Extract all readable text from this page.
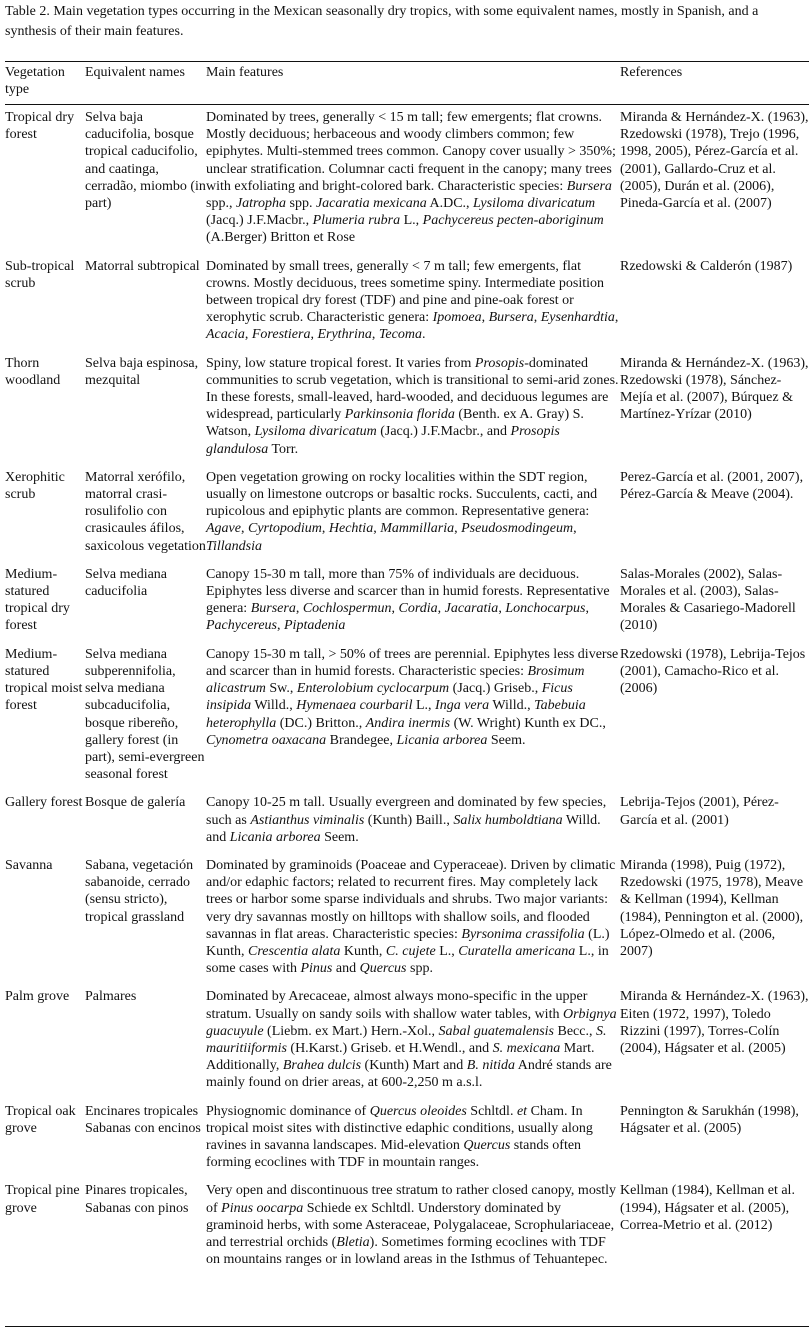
Table 2. Main vegetation types occurring in the Mexican seasonally dry tropics, with some equivalent names, mostly in Spanish, and a synthesis of their main features.
Vegetation type	Equivalent names	Main features	References
Tropical dry forest	Selva baja caducifolia, bosque tropical caducifolio, and caatinga, cerradão, miombo (in part)	Dominated by trees, generally < 15 m tall; few emergents; flat crowns. Mostly deciduous; herbaceous and woody climbers common; few epiphytes. Multi-stemmed trees common. Canopy cover usually > 350%; unclear stratification. Columnar cacti frequent in the canopy; many trees with exfoliating and bright-colored bark. Characteristic species: Bursera spp., Jatropha spp. Jacaratia mexicana A.DC., Lysiloma divaricatum (Jacq.) J.F.Macbr., Plumeria rubra L., Pachycereus pecten-aboriginum (A.Berger) Britton et Rose	Miranda & Hernández-X. (1963), Rzedowski (1978), Trejo (1996, 1998, 2005), Pérez-García et al. (2001), Gallardo-Cruz et al. (2005), Durán et al. (2006), Pineda-García et al. (2007)
Sub-tropical scrub	Matorral subtropical	Dominated by small trees, generally < 7 m tall; few emergents, flat crowns. Mostly deciduous, trees sometime spiny. Intermediate position between tropical dry forest (TDF) and pine and pine-oak forest or xerophytic scrub. Characteristic genera: Ipomoea, Bursera, Eysenhardtia, Acacia, Forestiera, Erythrina, Tecoma.	Rzedowski & Calderón (1987)
Thorn woodland	Selva baja espinosa, mezquital	Spiny, low stature tropical forest. It varies from Prosopis-dominated communities to scrub vegetation, which is transitional to semi-arid zones. In these forests, small-leaved, hard-wooded, and deciduous legumes are widespread, particularly Parkinsonia florida (Benth. ex A. Gray) S. Watson, Lysiloma divaricatum (Jacq.) J.F.Macbr., and Prosopis glandulosa Torr.	Miranda & Hernández-X. (1963), Rzedowski (1978), Sánchez-Mejía et al. (2007), Búrquez & Martínez-Yrízar (2010)
Xerophitic scrub	Matorral xerófilo, matorral crasi-rosulifolio con crasicaules áfilos, saxicolous vegetation	Open vegetation growing on rocky localities within the SDT region, usually on limestone outcrops or basaltic rocks. Succulents, cacti, and rupicolous and epiphytic plants are common. Representative genera: Agave, Cyrtopodium, Hechtia, Mammillaria, Pseudosmodingeum, Tillandsia	Perez-García et al. (2001, 2007), Pérez-García & Meave (2004).
Medium-statured tropical dry forest	Selva mediana caducifolia	Canopy 15-30 m tall, more than 75% of individuals are deciduous. Epiphytes less diverse and scarcer than in humid forests. Representative genera: Bursera, Cochlospermun, Cordia, Jacaratia, Lonchocarpus, Pachycereus, Piptadenia	Salas-Morales (2002), Salas-Morales et al. (2003), Salas-Morales & Casariego-Madorell (2010)
Medium-statured tropical moist forest	Selva mediana subperennifolia, selva mediana subcaducifolia, bosque ribereño, gallery forest (in part), semi-evergreen seasonal forest	Canopy 15-30 m tall, > 50% of trees are perennial. Epiphytes less diverse and scarcer than in humid forests. Characteristic species: Brosimum alicastrum Sw., Enterolobium cyclocarpum (Jacq.) Griseb., Ficus insipida Willd., Hymenaea courbaril L., Inga vera Willd., Tabebuia heterophylla (DC.) Britton., Andira inermis (W. Wright) Kunth ex DC., Cynometra oaxacana Brandegee, Licania arborea Seem.	Rzedowski (1978), Lebrija-Tejos (2001), Camacho-Rico et al. (2006)
Gallery forest	Bosque de galería	Canopy 10-25 m tall. Usually evergreen and dominated by few species, such as Astianthus viminalis (Kunth) Baill., Salix humboldtiana Willd. and Licania arborea Seem.	Lebrija-Tejos (2001), Pérez-García et al. (2001)
Savanna	Sabana, vegetación sabanoide, cerrado (sensu stricto), tropical grassland	Dominated by graminoids (Poaceae and Cyperaceae). Driven by climatic and/or edaphic factors; related to recurrent fires. May completely lack trees or harbor some sparse individuals and shrubs. Two major variants: very dry savannas mostly on hilltops with shallow soils, and flooded savannas in flat areas. Characteristic species: Byrsonima crassifolia (L.) Kunth, Crescentia alata Kunth, C. cujete L., Curatella americana L., in some cases with Pinus and Quercus spp.	Miranda (1998), Puig (1972), Rzedowski (1975, 1978), Meave & Kellman (1994), Kellman (1984), Pennington et al. (2000), López-Olmedo et al. (2006, 2007)
Palm grove	Palmares	Dominated by Arecaceae, almost always mono-specific in the upper stratum. Usually on sandy soils with shallow water tables, with Orbignya guacuyule (Liebm. ex Mart.) Hern.-Xol., Sabal guatemalensis Becc., S. mauritiiformis (H.Karst.) Griseb. et H.Wendl., and S. mexicana Mart. Additionally, Brahea dulcis (Kunth) Mart and B. nitida André stands are mainly found on drier areas, at 600-2,250 m a.s.l.	Miranda & Hernández-X. (1963), Eiten (1972, 1997), Toledo Rizzini (1997), Torres-Colín (2004), Hágsater et al. (2005)
Tropical oak grove	Encinares tropicales Sabanas con encinos	Physiognomic dominance of Quercus oleoides Schltdl. et Cham. In tropical moist sites with distinctive edaphic conditions, usually along ravines in savanna landscapes. Mid-elevation Quercus stands often forming ecoclines with TDF in mountain ranges.	Pennington & Sarukhán (1998), Hágsater et al. (2005)
Tropical pine grove	Pinares tropicales, Sabanas con pinos	Very open and discontinuous tree stratum to rather closed canopy, mostly of Pinus oocarpa Schiede ex Schltdl. Understory dominated by graminoid herbs, with some Asteraceae, Polygalaceae, Scrophulariaceae, and terrestrial orchids (Bletia). Sometimes forming ecoclines with TDF on mountains ranges or in lowland areas in the Isthmus of Tehuantepec.	Kellman (1984), Kellman et al. (1994), Hágsater et al. (2005), Correa-Metrio et al. (2012)
